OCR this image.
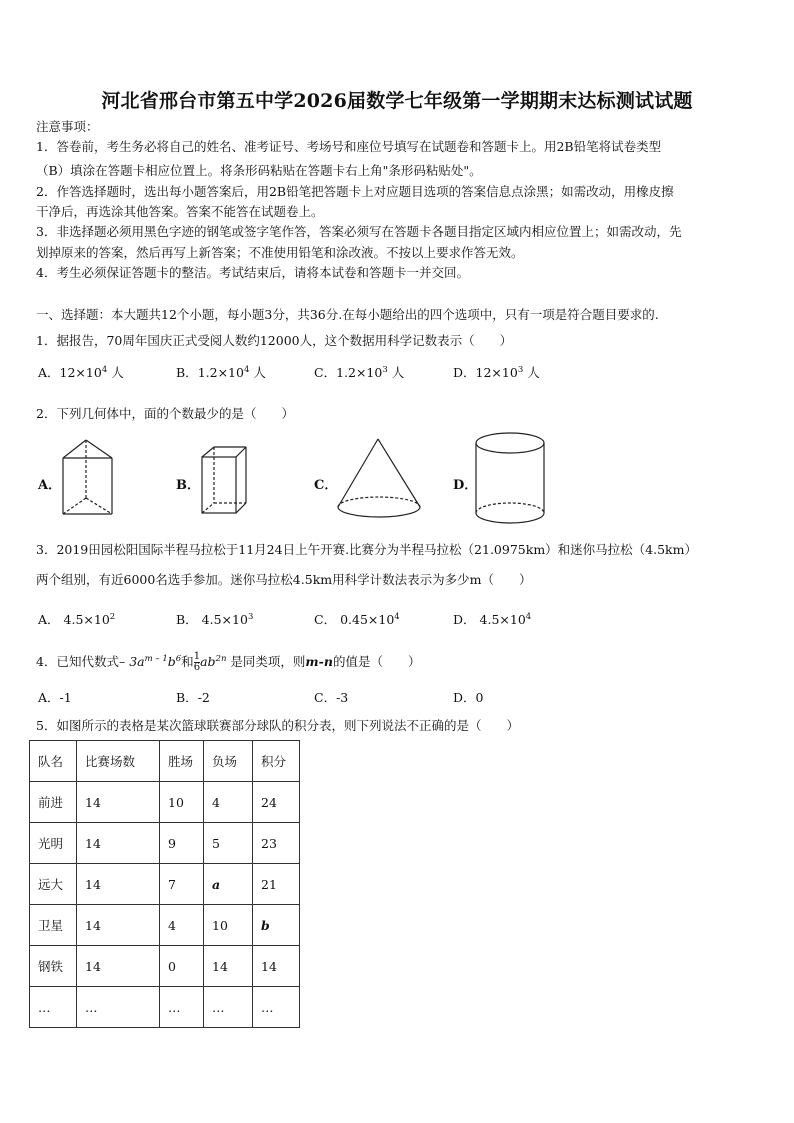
河北省邢台市第五中学2026届数学七年级第一学期期末达标测试试题
注意事项：
1．答卷前，考生务必将自己的姓名、准考证号、考场号和座位号填写在试题卷和答题卡上。用2B铅笔将试卷类型
（B）填涂在答题卡相应位置上。将条形码粘贴在答题卡右上角"条形码粘贴处"。
2．作答选择题时，选出每小题答案后，用2B铅笔把答题卡上对应题目选项的答案信息点涂黑；如需改动，用橡皮擦
干净后，再选涂其他答案。答案不能答在试题卷上。
3．非选择题必须用黑色字迹的钢笔或签字笔作答，答案必须写在答题卡各题目指定区域内相应位置上；如需改动，先
划掉原来的答案，然后再写上新答案；不准使用铅笔和涂改液。不按以上要求作答无效。
4．考生必须保证答题卡的整洁。考试结束后，请将本试卷和答题卡一并交回。
一、选择题：本大题共12个小题，每小题3分，共36分.在每小题给出的四个选项中，只有一项是符合题目要求的.
1．据报告，70周年国庆正式受阅人数约12000人，这个数据用科学记数表示（　　）
A．$12\times 10^4$ 人	B．$1.2\times 10^4$ 人	C．$1.2\times 10^3$ 人	D．$12\times 10^3$ 人
2．下列几何体中，面的个数最少的是（　　）
A．	B．	C．	D．
3．2019田园松阳国际半程马拉松于11月24日上午开赛.比赛分为半程马拉松（21.0975km）和迷你马拉松（4.5km）
两个组别，有近6000名选手参加。迷你马拉松4.5km用科学计数法表示为多少m（　　）
A． $4.5\times 10^2$	B． $4.5\times 10^3$	C． $0.45\times 10^4$	D． $4.5\times 10^4$
4．已知代数式– $3a^{m - 1}b^6$和 $\frac{1}{6} ab^{2n}$ 是同类项，则m-n的值是（　　）
A．-1	B．-2	C．-3	D．0
5．如图所示的表格是某次篮球联赛部分球队的积分表，则下列说法不正确的是（　　）
队名	比赛场数	胜场	负场	积分
前进	14	10	4	24
光明	14	9	5	23
远大	14	7	a	21
卫星	14	4	10	b
钢铁	14	0	14	14
…	…	…	…	…
